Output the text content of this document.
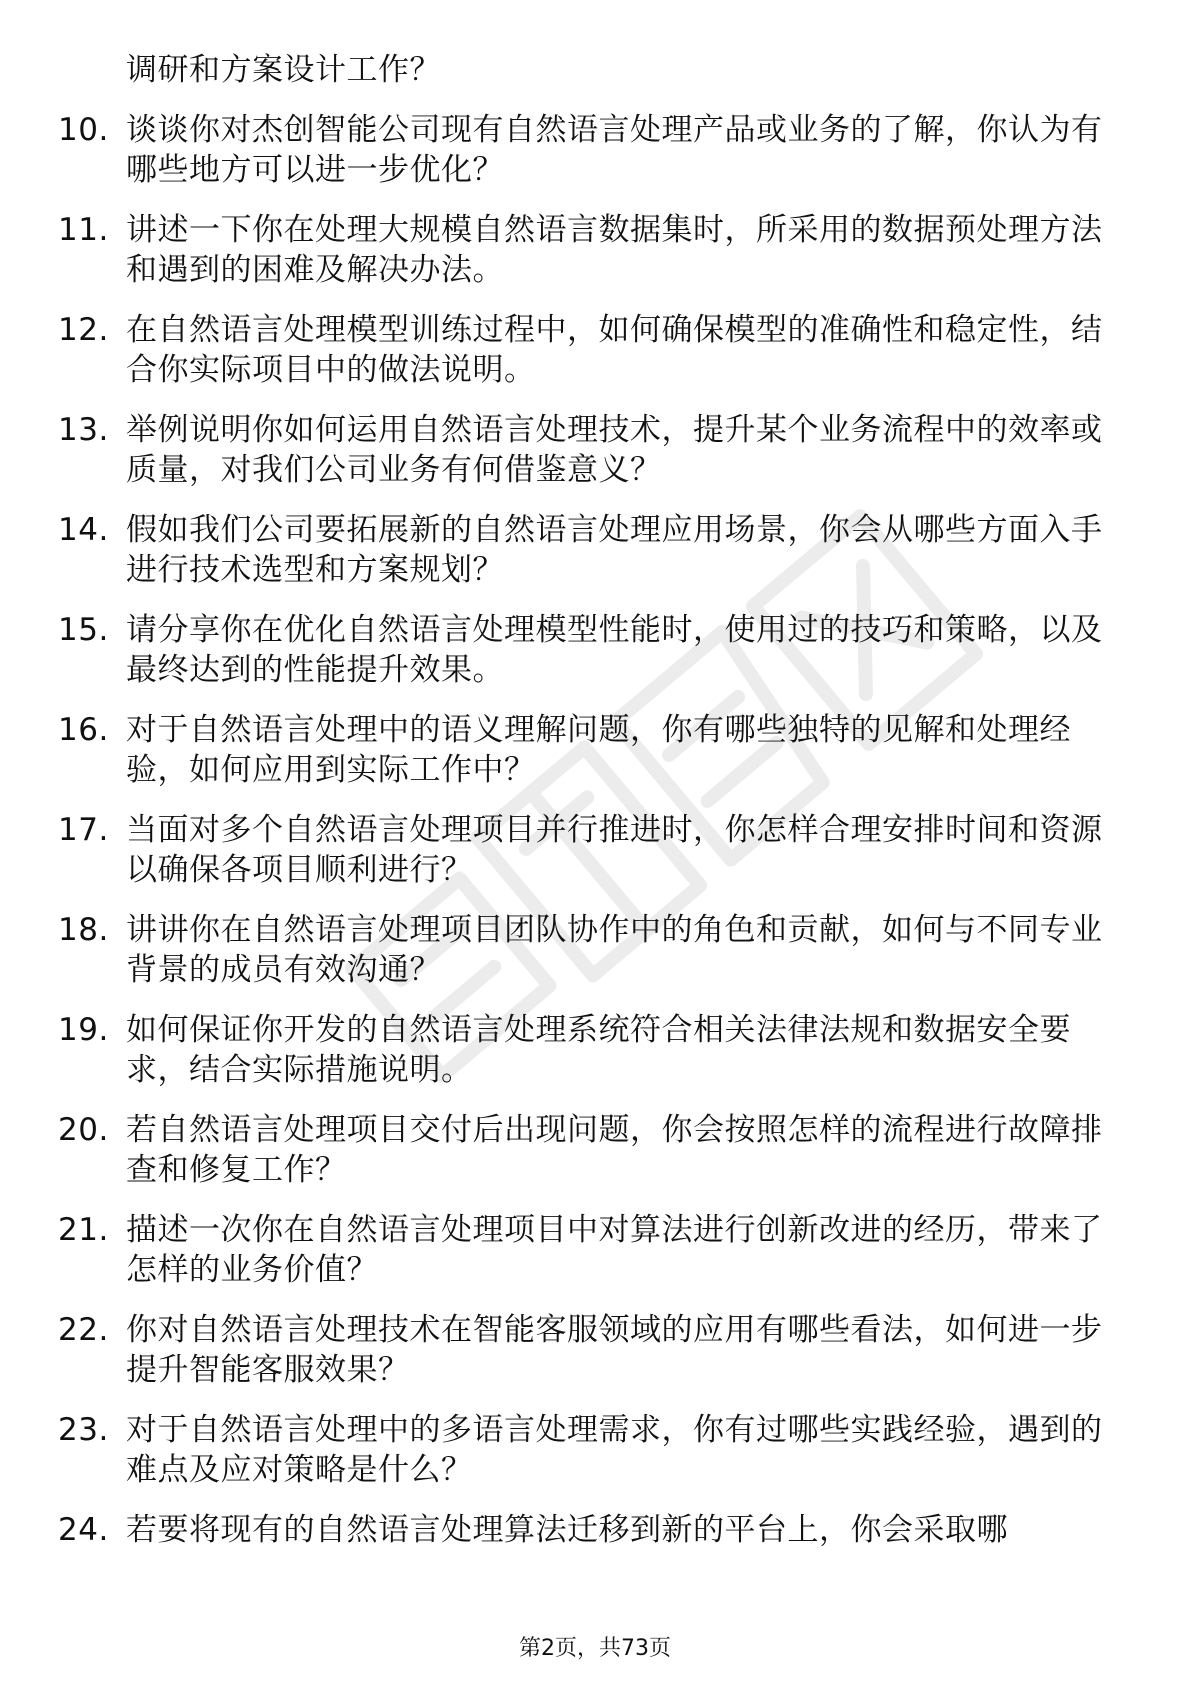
调研和方案设计工作？
10. 谈谈你对杰创智能公司现有自然语言处理产品或业务的了解，你认为有哪些地方可以进一步优化？
11. 讲述一下你在处理大规模自然语言数据集时，所采用的数据预处理方法和遇到的困难及解决办法。
12. 在自然语言处理模型训练过程中，如何确保模型的准确性和稳定性，结合你实际项目中的做法说明。
13. 举例说明你如何运用自然语言处理技术，提升某个业务流程中的效率或质量，对我们公司业务有何借鉴意义？
14. 假如我们公司要拓展新的自然语言处理应用场景，你会从哪些方面入手进行技术选型和方案规划？
15. 请分享你在优化自然语言处理模型性能时，使用过的技巧和策略，以及最终达到的性能提升效果。
16. 对于自然语言处理中的语义理解问题，你有哪些独特的见解和处理经验，如何应用到实际工作中？
17. 当面对多个自然语言处理项目并行推进时，你怎样合理安排时间和资源以确保各项目顺利进行？
18. 讲讲你在自然语言处理项目团队协作中的角色和贡献，如何与不同专业背景的成员有效沟通？
19. 如何保证你开发的自然语言处理系统符合相关法律法规和数据安全要求，结合实际措施说明。
20. 若自然语言处理项目交付后出现问题，你会按照怎样的流程进行故障排查和修复工作？
21. 描述一次你在自然语言处理项目中对算法进行创新改进的经历，带来了怎样的业务价值？
22. 你对自然语言处理技术在智能客服领域的应用有哪些看法，如何进一步提升智能客服效果？
23. 对于自然语言处理中的多语言处理需求，你有过哪些实践经验，遇到的难点及应对策略是什么？
24. 若要将现有的自然语言处理算法迁移到新的平台上，你会采取哪
第2页，共73页
